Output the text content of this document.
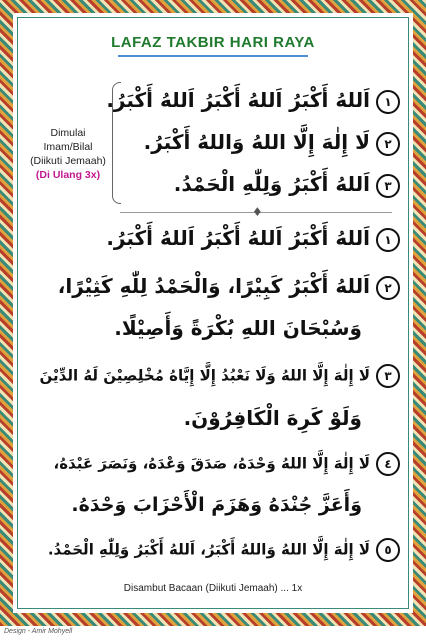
LAFAZ TAKBIR HARI RAYA
Dimulai
Imam/Bilal
(Diikuti Jemaah)
(Di Ulang 3x)
١اَللهُ أَكْبَرُ اَللهُ أَكْبَرُ اَللهُ أَكْبَرُ.
٢لَا إِلٰهَ إِلَّا اللهُ وَاللهُ أَكْبَرُ.
٣اَللهُ أَكْبَرُ وَلِلّٰهِ الْحَمْدُ.
♦
١اَللهُ أَكْبَرُ اَللهُ أَكْبَرُ اَللهُ أَكْبَرُ.
٢اَللهُ أَكْبَرُ كَبِيْرًا، وَالْحَمْدُ لِلّٰهِ كَثِيْرًا،
وَسُبْحَانَ اللهِ بُكْرَةً وَأَصِيْلًا.
٣لَا إِلٰهَ إِلَّا اللهُ وَلَا نَعْبُدُ إِلَّا إِيَّاهُ مُخْلِصِيْنَ لَهُ الدِّيْنَ
وَلَوْ كَرِهَ الْكَافِرُوْنَ.
٤لَا إِلٰهَ إِلَّا اللهُ وَحْدَهُ، صَدَقَ وَعْدَهُ، وَنَصَرَ عَبْدَهُ،
وَأَعَزَّ جُنْدَهُ وَهَزَمَ الْأَحْزَابَ وَحْدَهُ.
٥لَا إِلٰهَ إِلَّا اللهُ وَاللهُ أَكْبَرُ، اَللهُ أَكْبَرُ وَلِلّٰهِ الْحَمْدُ.
Disambut Bacaan (Diikuti Jemaah) ... 1x
Design - Amir Mohyell
